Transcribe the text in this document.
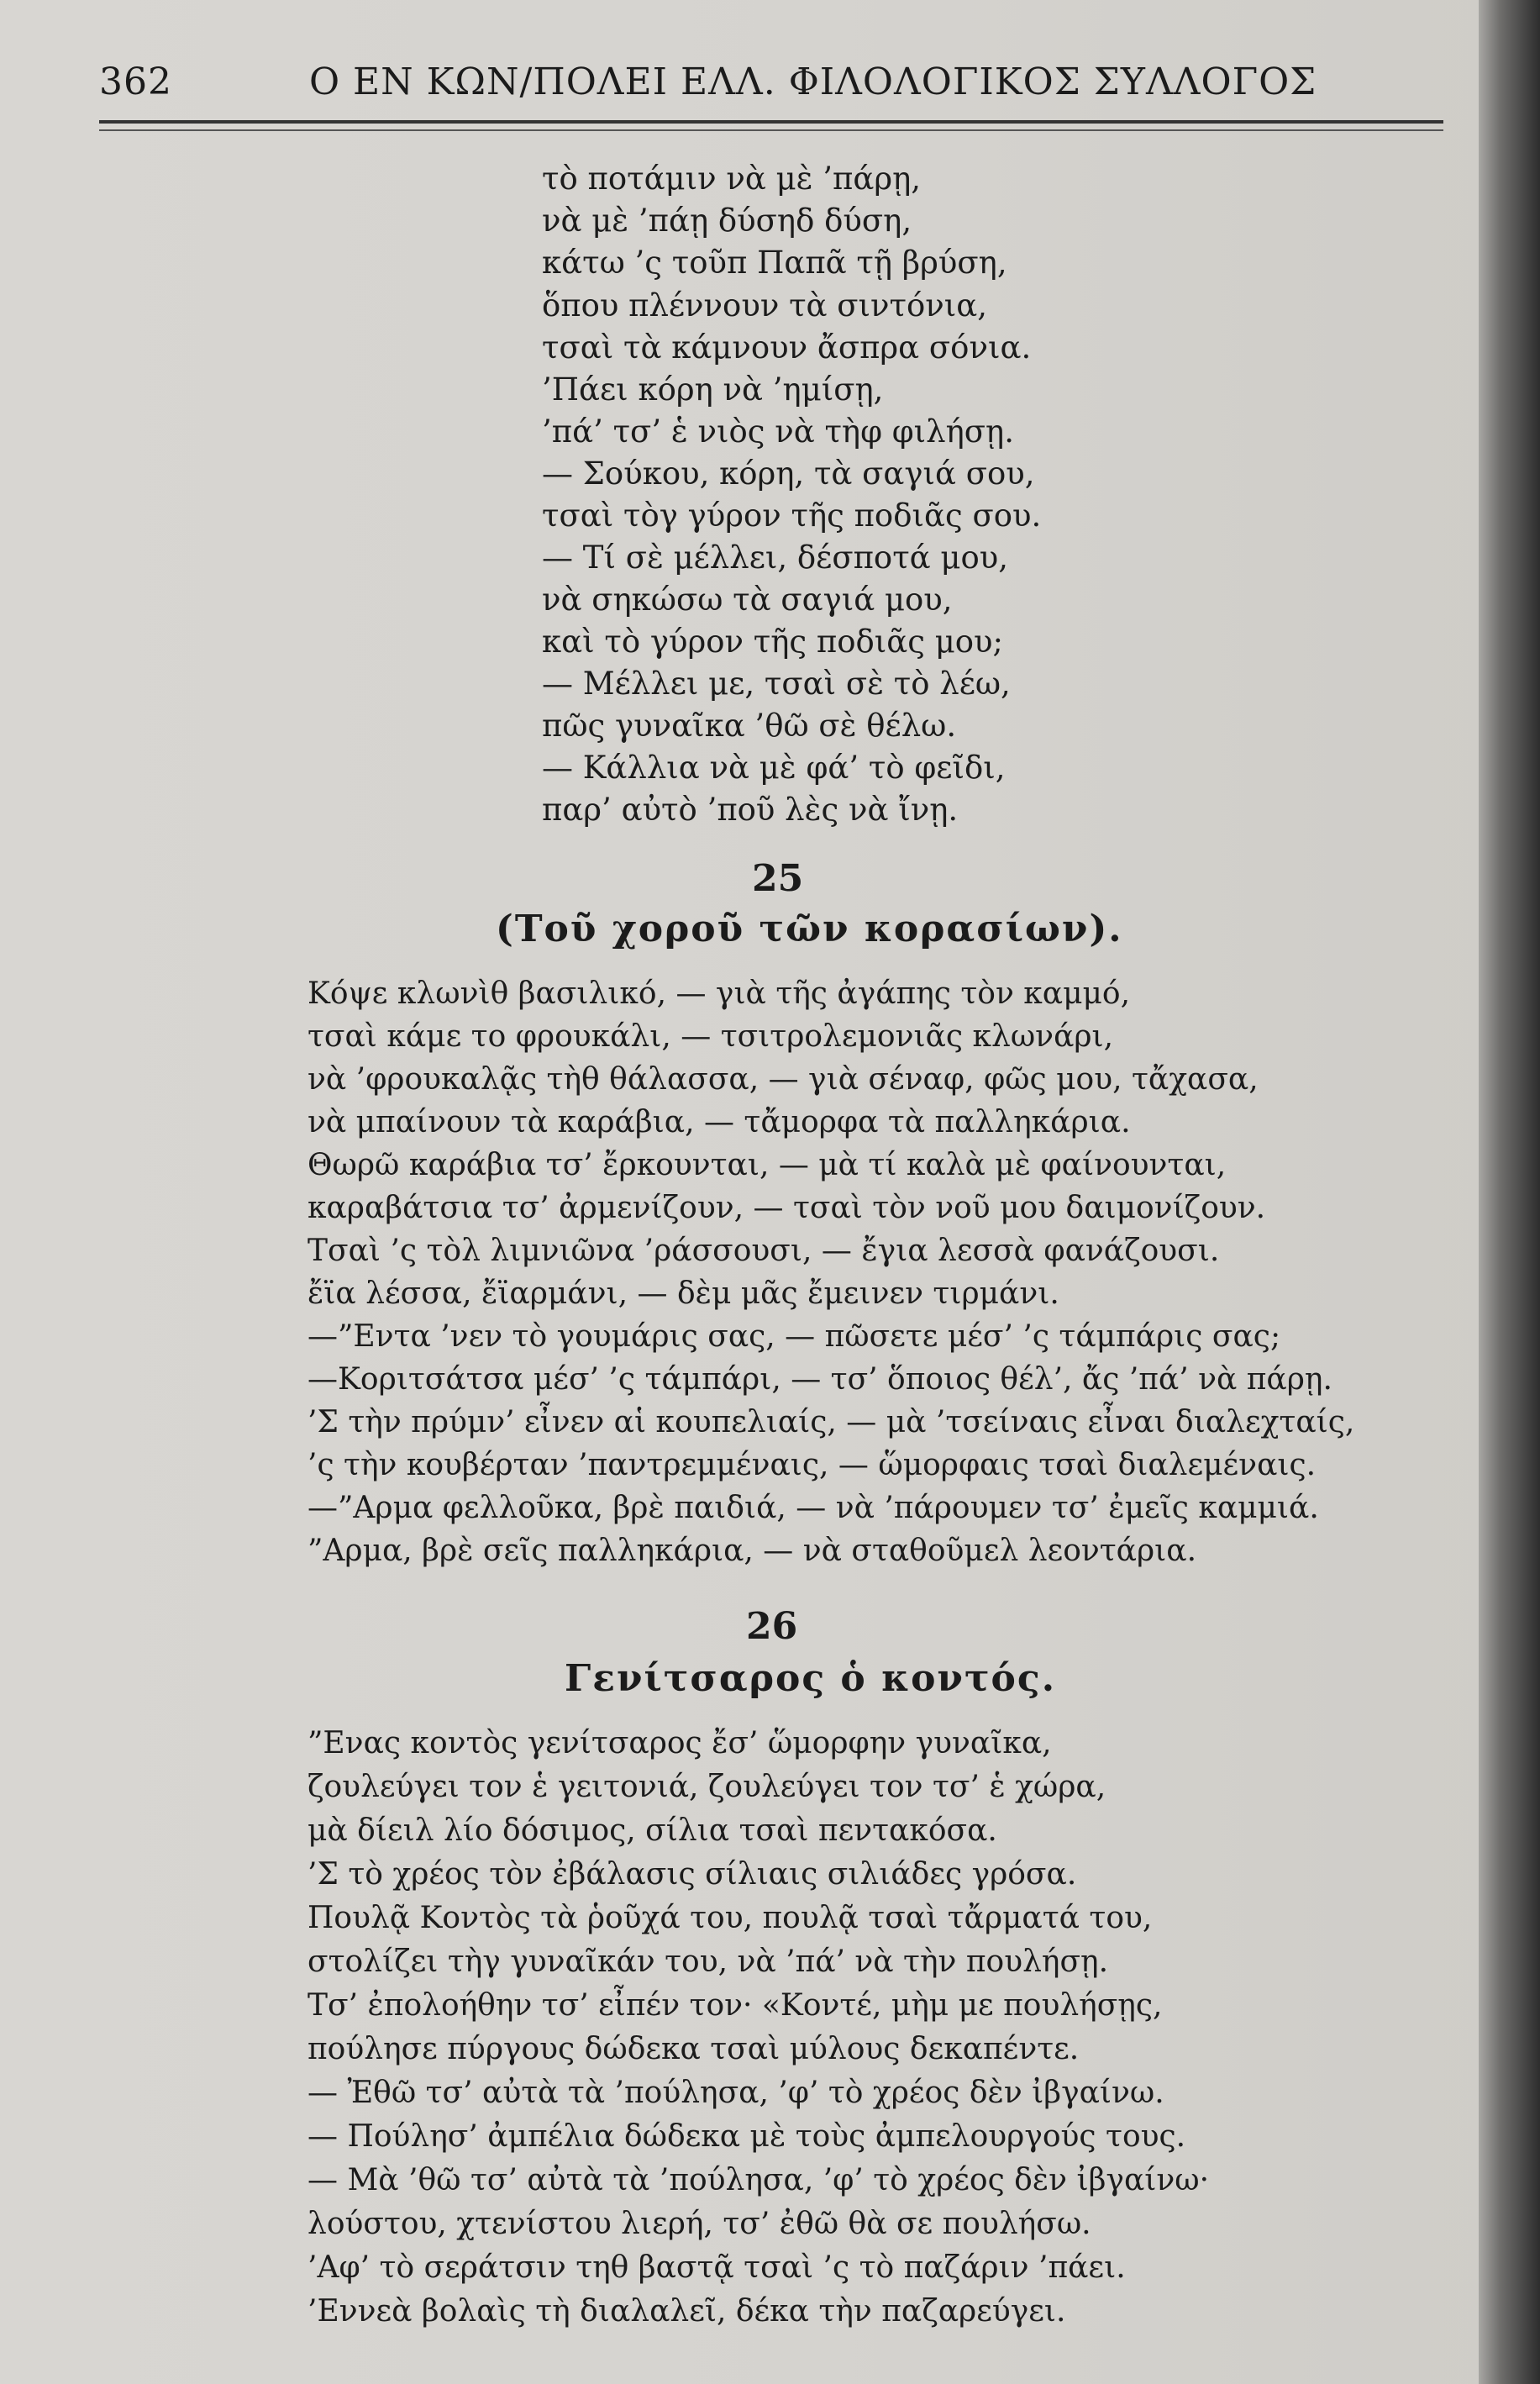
362	Ο ΕΝ ΚΩΝ/ΠΟΛΕΙ ΕΛΛ. ΦΙΛΟΛΟΓΙΚΟΣ ΣΥΛΛΟΓΟΣ
τὸ ποτάμιν νὰ μὲ ’πάρῃ,
νὰ μὲ ’πάῃ δύσηδ δύση,
κάτω ’ς τοῦπ Παπᾶ τῇ βρύση,
ὅπου πλέννουν τὰ σιντόνια,
τσαὶ τὰ κάμνουν ἄσπρα σόνια.
’Πάει κόρη νὰ ’ημίσῃ,
’πά’ τσ’ ἑ νιὸς νὰ τὴφ φιλήσῃ.
— Σούκου, κόρη, τὰ σαγιά σου,
τσαὶ τὸγ γύρον τῆς ποδιᾶς σου.
— Τί σὲ μέλλει, δέσποτά μου,
νὰ σηκώσω τὰ σαγιά μου,
καὶ τὸ γύρον τῆς ποδιᾶς μου;
— Μέλλει με, τσαὶ σὲ τὸ λέω,
πῶς γυναῖκα ’θῶ σὲ θέλω.
— Κάλλια νὰ μὲ φά’ τὸ φεῖδι,
παρ’ αὐτὸ ’ποῦ λὲς νὰ ἴνῃ.
25
(Τοῦ χοροῦ τῶν κορασίων).
Κόψε κλωνὶθ βασιλικό, — γιὰ τῆς ἀγάπης τὸν καμμό,
τσαὶ κάμε το φρουκάλι, — τσιτρολεμονιᾶς κλωνάρι,
νὰ ’φρουκαλᾷς τὴθ θάλασσα, — γιὰ σέναφ, φῶς μου, τἄχασα,
νὰ μπαίνουν τὰ καράβια, — τἄμορφα τὰ παλληκάρια.
Θωρῶ καράβια τσ’ ἔρκουνται, — μὰ τί καλὰ μὲ φαίνουνται,
καραβάτσια τσ’ ἀρμενίζουν, — τσαὶ τὸν νοῦ μου δαιμονίζουν.
Τσαὶ ’ς τὸλ λιμνιῶνα ’ράσσουσι, — ἔγια λεσσὰ φανάζουσι.
ἔϊα λέσσα, ἔϊαρμάνι, — δὲμ μᾶς ἔμεινεν τιρμάνι.
—”Εντα ’νεν τὸ γουμάρις σας, — πῶσετε μέσ’ ’ς τάμπάρις σας;
—Κοριτσάτσα μέσ’ ’ς τάμπάρι, — τσ’ ὅποιος θέλ’, ἄς ’πά’ νὰ πάρῃ.
’Σ τὴν πρύμν’ εἶνεν αἱ κουπελιαίς, — μὰ ’τσείναις εἶναι διαλεχταίς,
’ς τὴν κουβέρταν ’παντρεμμέναις, — ὥμορφαις τσαὶ διαλεμέναις.
—”Αρμα φελλοῦκα, βρὲ παιδιά, — νὰ ’πάρουμεν τσ’ ἐμεῖς καμμιά.
”Αρμα, βρὲ σεῖς παλληκάρια, — νὰ σταθοῦμελ λεοντάρια.
26
Γενίτσαρος ὁ κοντός.
”Ενας κοντὸς γενίτσαρος ἔσ’ ὥμορφην γυναῖκα,
ζουλεύγει τον ἑ γειτονιά, ζουλεύγει τον τσ’ ἑ χώρα,
μὰ δίειλ λίο δόσιμος, σίλια τσαὶ πεντακόσα.
’Σ τὸ χρέος τὸν ἐβάλασις σίλιαις σιλιάδες γρόσα.
Πουλᾷ Κοντὸς τὰ ῥοῦχά του, πουλᾷ τσαὶ τἄρματά του,
στολίζει τὴγ γυναῖκάν του, νὰ ’πά’ νὰ τὴν πουλήσῃ.
Τσ’ ἐπολοήθην τσ’ εἶπέν τον· «Κοντέ, μὴμ με πουλήσῃς,
πούλησε πύργους δώδεκα τσαὶ μύλους δεκαπέντε.
— Ἐθῶ τσ’ αὐτὰ τὰ ’πούλησα, ’φ’ τὸ χρέος δὲν ἰβγαίνω.
— Πούλησ’ ἀμπέλια δώδεκα μὲ τοὺς ἀμπελουργούς τους.
— Μὰ ’θῶ τσ’ αὐτὰ τὰ ’πούλησα, ’φ’ τὸ χρέος δὲν ἰβγαίνω·
λούστου, χτενίστου λιερή, τσ’ ἐθῶ θὰ σε πουλήσω.
’Αφ’ τὸ σεράτσιν τηθ βαστᾷ τσαὶ ’ς τὸ παζάριν ’πάει.
’Εννεὰ βολαὶς τὴ διαλαλεῖ, δέκα τὴν παζαρεύγει.
